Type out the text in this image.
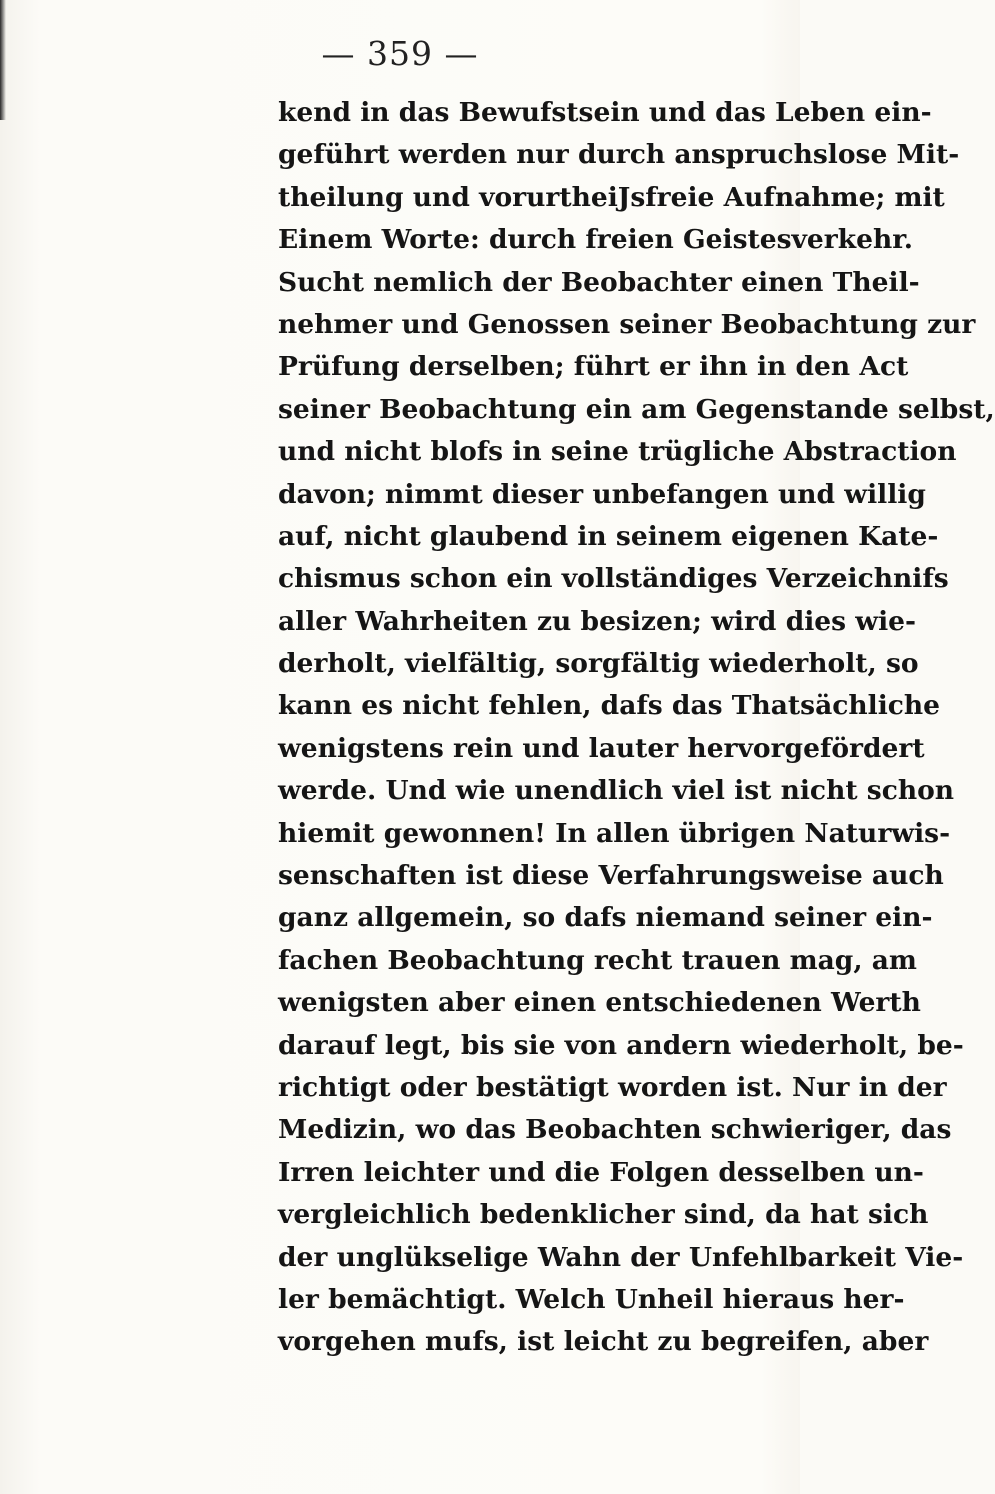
— 359 —
kend in das Bewufstsein und das Leben ein-
geführt werden nur durch anspruchslose Mit-
theilung und vorurtheiJsfreie Aufnahme; mit
Einem Worte: durch freien Geistesverkehr.
Sucht nemlich der Beobachter einen Theil-
nehmer und Genossen seiner Beobachtung zur
Prüfung derselben; führt er ihn in den Act
seiner Beobachtung ein am Gegenstande selbst,
und nicht blofs in seine trügliche Abstraction
davon; nimmt dieser unbefangen und willig
auf, nicht glaubend in seinem eigenen Kate-
chismus schon ein vollständiges Verzeichnifs
aller Wahrheiten zu besizen; wird dies wie-
derholt, vielfältig, sorgfältig wiederholt, so
kann es nicht fehlen, dafs das Thatsächliche
wenigstens rein und lauter hervorgefördert
werde. Und wie unendlich viel ist nicht schon
hiemit gewonnen! In allen übrigen Naturwis-
senschaften ist diese Verfahrungsweise auch
ganz allgemein, so dafs niemand seiner ein-
fachen Beobachtung recht trauen mag, am
wenigsten aber einen entschiedenen Werth
darauf legt, bis sie von andern wiederholt, be-
richtigt oder bestätigt worden ist. Nur in der
Medizin, wo das Beobachten schwieriger, das
Irren leichter und die Folgen desselben un-
vergleichlich bedenklicher sind, da hat sich
der unglükselige Wahn der Unfehlbarkeit Vie-
ler bemächtigt. Welch Unheil hieraus her-
vorgehen mufs, ist leicht zu begreifen, aber
